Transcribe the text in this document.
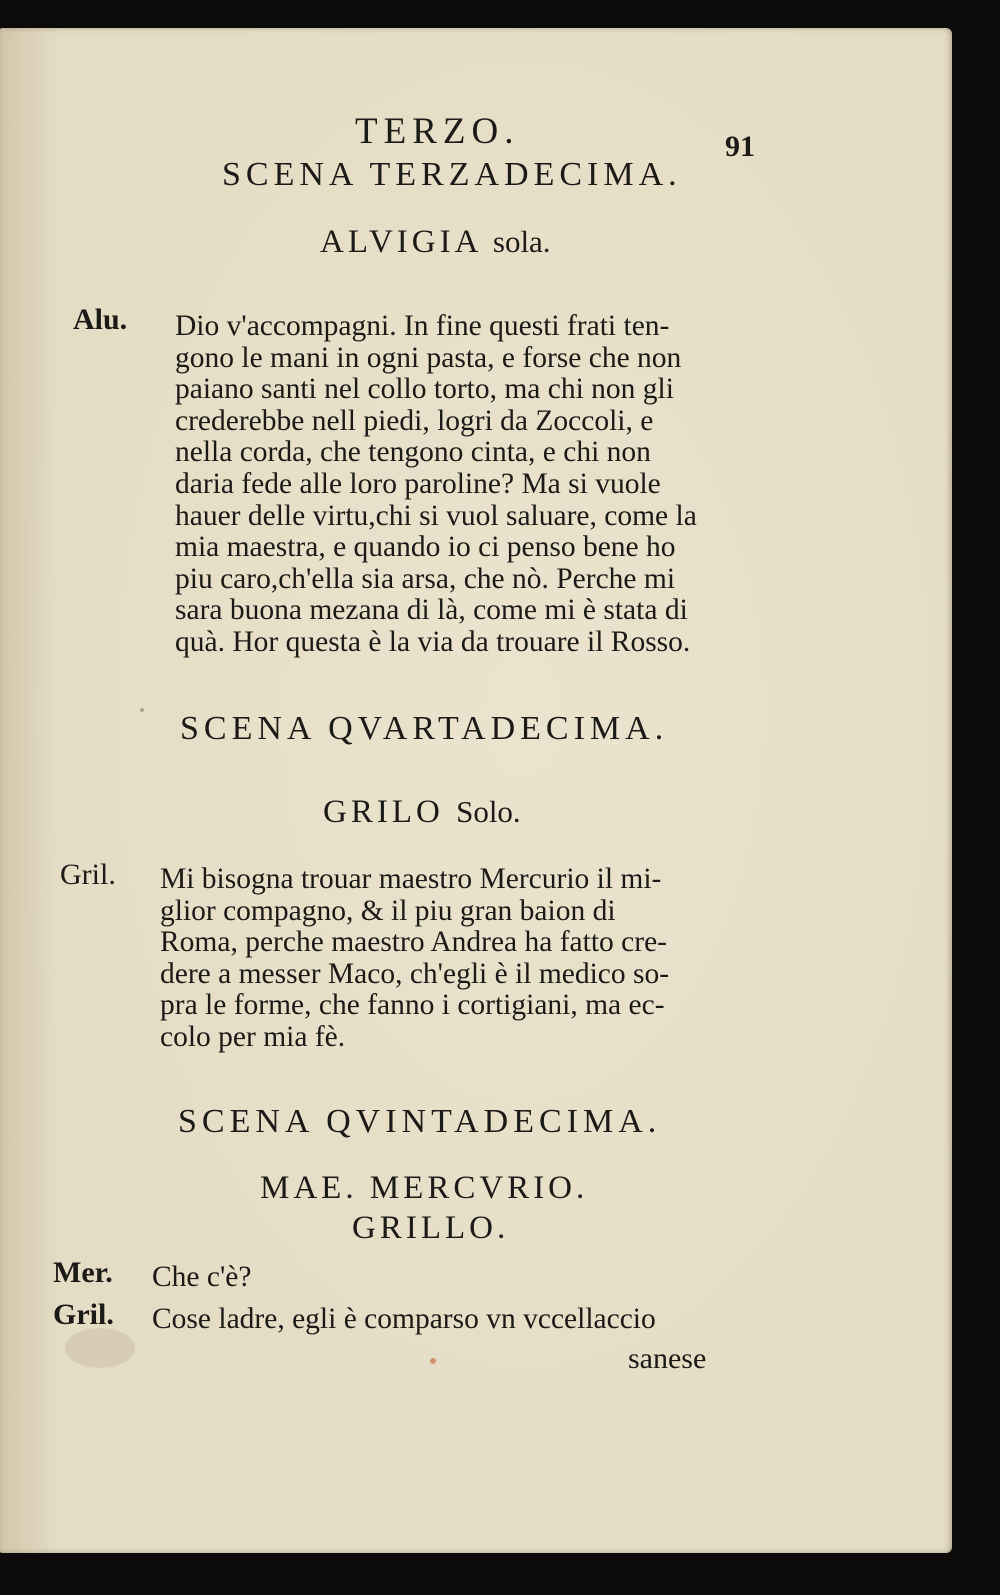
TERZO.	91
SCENA TERZADECIMA.
ALVIGIA sola.
Alu. Dio v'accompagni. In fine questi frati ten-
gono le mani in ogni pasta, e forse che non
paiano santi nel collo torto, ma chi non gli
crederebbe nell piedi, logri da Zoccoli, e
nella corda, che tengono cinta, e chi non
daria fede alle loro paroline? Ma si vuole
hauer delle virtu,chi si vuol saluare, come la
mia maestra, e quando io ci penso bene ho
piu caro,ch'ella sia arsa, che nò. Perche mi
sara buona mezana di là, come mi è stata di
quà. Hor questa è la via da trouare il Rosso.
SCENA QVARTADECIMA.
GRILO Solo.
Gril. Mi bisogna trouar maestro Mercurio il mi-
glior compagno, & il piu gran baion di
Roma, perche maestro Andrea ha fatto cre-
dere a messer Maco, ch'egli è il medico so-
pra le forme, che fanno i cortigiani, ma ec-
colo per mia fè.
SCENA QVINTADECIMA.
MAE. MERCVRIO.
GRILLO.
Mer. Che c'è?
Gril. Cose ladre, egli è comparso vn vccellaccio
sanese
